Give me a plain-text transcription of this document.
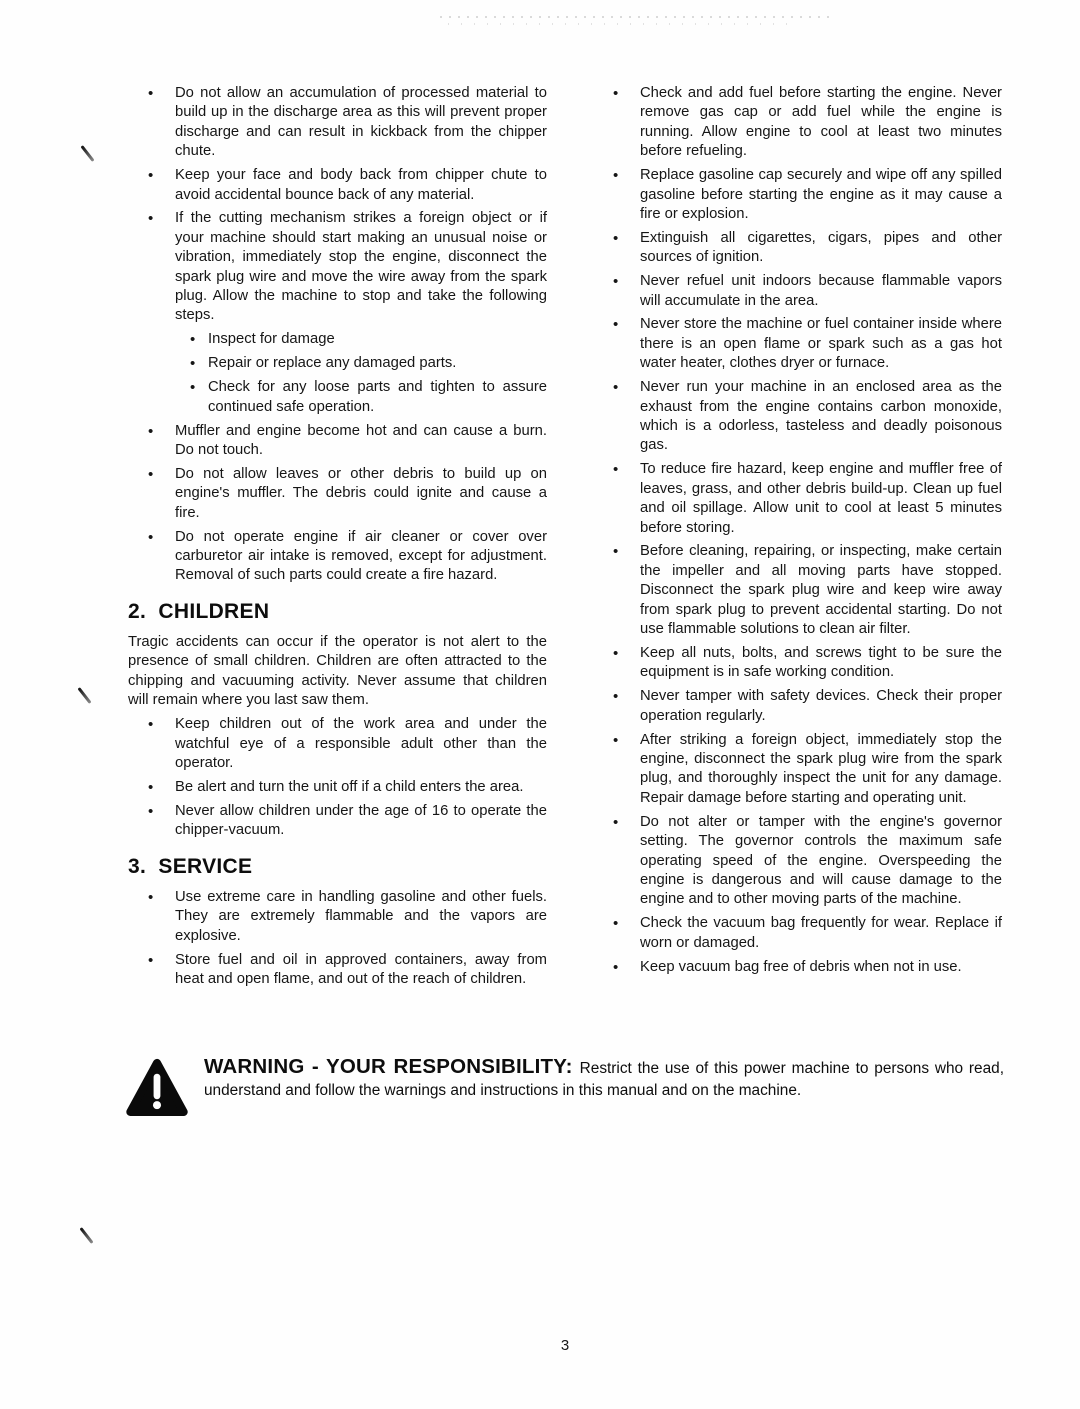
•	Do not allow an accumulation of processed material to build up in the discharge area as this will prevent proper discharge and can result in kickback from the chipper chute.
•	Keep your face and body back from chipper chute to avoid accidental bounce back of any material.
•	If the cutting mechanism strikes a foreign object or if your machine should start making an unusual noise or vibration, immediately stop the engine, disconnect the spark plug wire and move the wire away from the spark plug. Allow the machine to stop and take the following steps.
• Inspect for damage
• Repair or replace any damaged parts.
• Check for any loose parts and tighten to assure continued safe operation.
•	Muffler and engine become hot and can cause a burn. Do not touch.
•	Do not allow leaves or other debris to build up on engine's muffler. The debris could ignite and cause a fire.
•	Do not operate engine if air cleaner or cover over carburetor air intake is removed, except for adjustment. Removal of such parts could create a fire hazard.
2.  CHILDREN

Tragic accidents can occur if the operator is not alert to the presence of small children. Children are often attracted to the chipping and vacuuming activity. Never assume that children will remain where you last saw them.

•	Keep children out of the work area and under the watchful eye of a responsible adult other than the operator.
•	Be alert and turn the unit off if a child enters the area.
•	Never allow children under the age of 16 to operate the chipper-vacuum.
3.  SERVICE
•	Use extreme care in handling gasoline and other fuels. They are extremely flammable and the vapors are explosive.
•	Store fuel and oil in approved containers, away from heat and open flame, and out of the reach of children.
•	Check and add fuel before starting the engine. Never remove gas cap or add fuel while the engine is running. Allow engine to cool at least two minutes before refueling.
•	Replace gasoline cap securely and wipe off any spilled gasoline before starting the engine as it may cause a fire or explosion.
•	Extinguish all cigarettes, cigars, pipes and other sources of ignition.
•	Never refuel unit indoors because flammable vapors will accumulate in the area.
•	Never store the machine or fuel container inside where there is an open flame or spark such as a gas hot water heater, clothes dryer or furnace.
•	Never run your machine in an enclosed area as the exhaust from the engine contains carbon monoxide, which is a odorless, tasteless and deadly poisonous gas.
•	To reduce fire hazard, keep engine and muffler free of leaves, grass, and other debris build-up. Clean up fuel and oil spillage. Allow unit to cool at least 5 minutes before storing.
•	Before cleaning, repairing, or inspecting, make certain the impeller and all moving parts have stopped. Disconnect the spark plug wire and keep wire away from spark plug to prevent accidental starting. Do not use flammable solutions to clean air filter.
•	Keep all nuts, bolts, and screws tight to be sure the equipment is in safe working condition.
•	Never tamper with safety devices. Check their proper operation regularly.
•	After striking a foreign object, immediately stop the engine, disconnect the spark plug wire from the spark plug, and thoroughly inspect the unit for any damage. Repair damage before starting and operating unit.
•	Do not alter or tamper with the engine's governor setting. The governor controls the maximum safe operating speed of the engine. Overspeeding the engine is dangerous and will cause damage to the engine and to other moving parts of the machine.
•	Check the vacuum bag frequently for wear. Replace if worn or damaged.
•	Keep vacuum bag free of debris when not in use.

WARNING - YOUR RESPONSIBILITY: Restrict the use of this power machine to persons who read, understand and follow the warnings and instructions in this manual and on the machine.

3
